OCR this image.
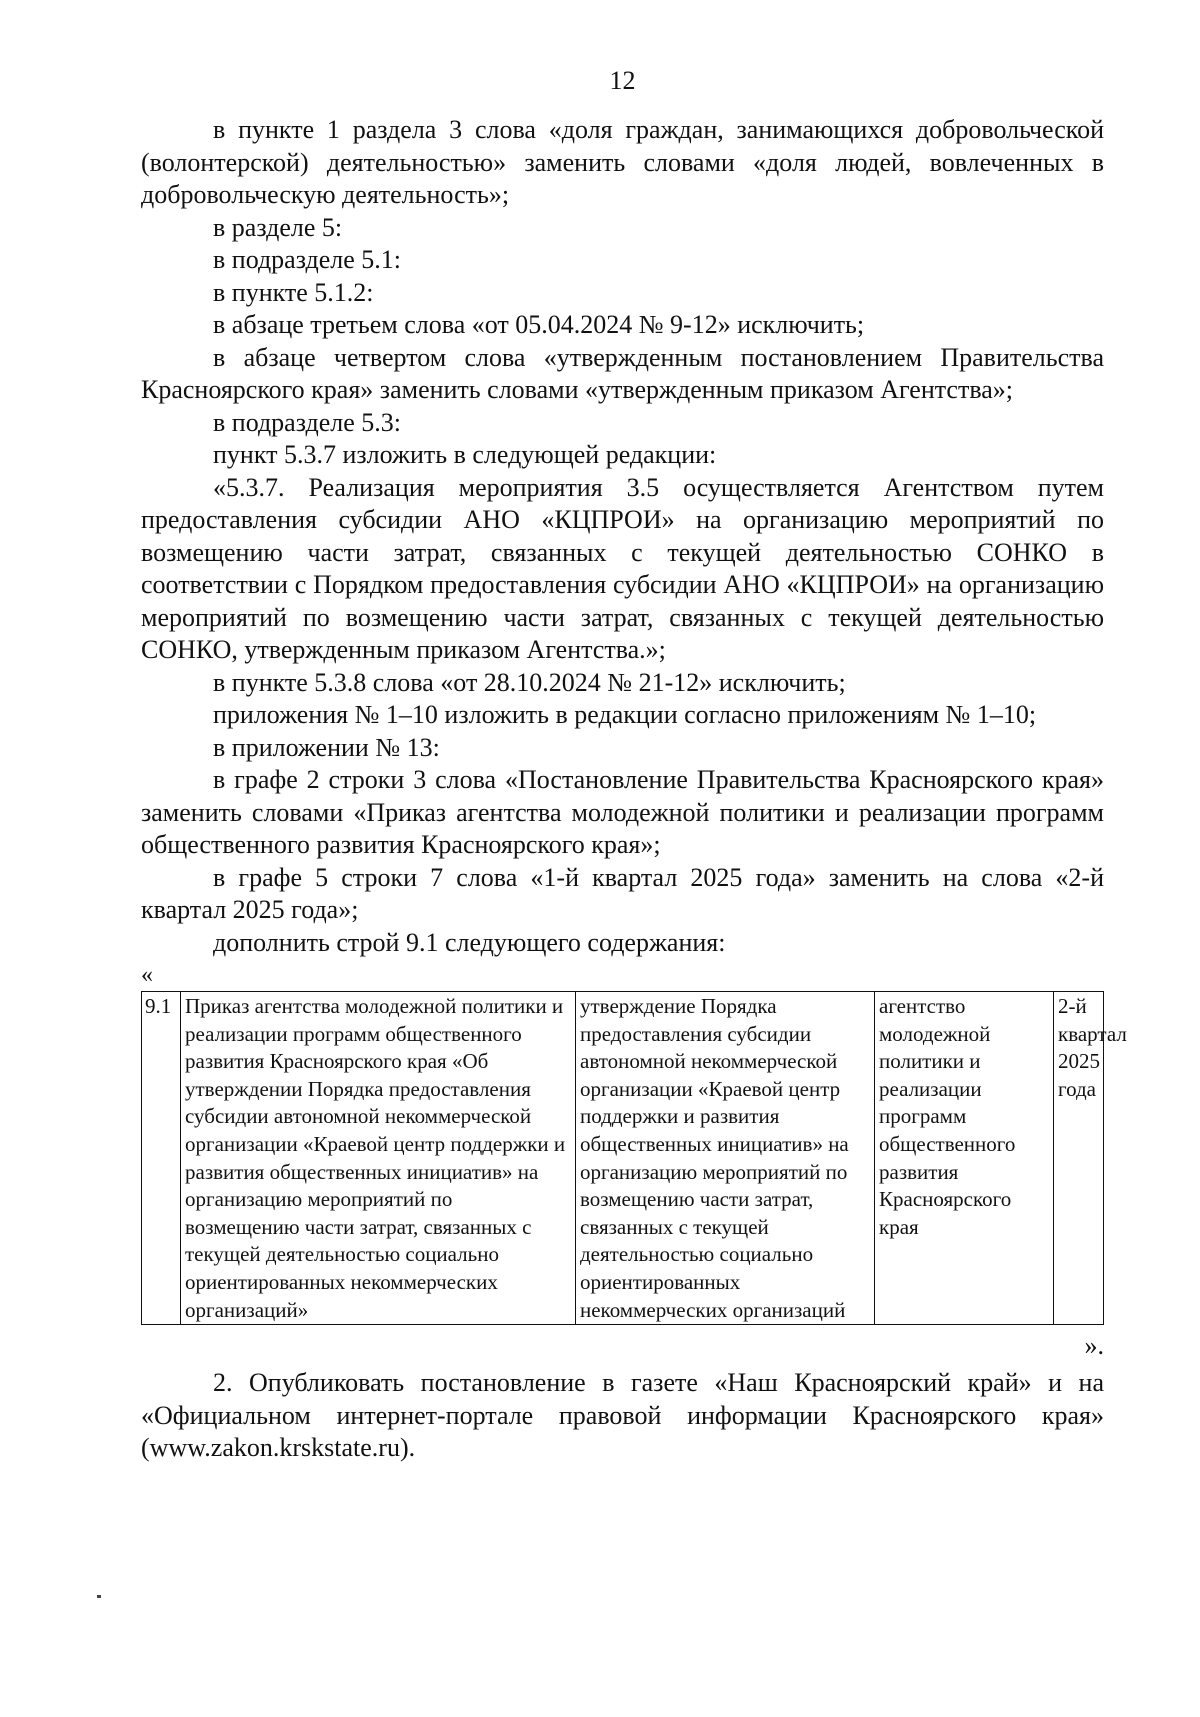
12

в пункте 1 раздела 3 слова «доля граждан, занимающихся добровольческой (волонтерской) деятельностью» заменить словами «доля людей, вовлеченных в добровольческую деятельность»;

в разделе 5:

в подразделе 5.1:

в пункте 5.1.2:

в абзаце третьем слова «от 05.04.2024 № 9-12» исключить;

в абзаце четвертом слова «утвержденным постановлением Правительства Красноярского края» заменить словами «утвержденным приказом Агентства»;

в подразделе 5.3:

пункт 5.3.7 изложить в следующей редакции:

«5.3.7. Реализация мероприятия 3.5 осуществляется Агентством путем предоставления субсидии АНО «КЦПРОИ» на организацию мероприятий по возмещению части затрат, связанных с текущей деятельностью СОНКО в соответствии с Порядком предоставления субсидии АНО «КЦПРОИ» на организацию мероприятий по возмещению части затрат, связанных с текущей деятельностью СОНКО, утвержденным приказом Агентства.»;

в пункте 5.3.8 слова «от 28.10.2024 № 21-12» исключить;

приложения № 1–10 изложить в редакции согласно приложениям № 1–10;

в приложении № 13:

в графе 2 строки 3 слова «Постановление Правительства Красноярского края» заменить словами «Приказ агентства молодежной политики и реализации программ общественного развития Красноярского края»;

в графе 5 строки 7 слова «1-й квартал 2025 года» заменить на слова «2-й квартал 2025 года»;

дополнить строй 9.1 следующего содержания:

«
9.1	Приказ агентства молодежной политики и реализации программ общественного развития Красноярского края «Об утверждении Порядка предоставления субсидии автономной некоммерческой организации «Краевой центр поддержки и развития общественных инициатив» на организацию мероприятий по возмещению части затрат, связанных с текущей деятельностью социально ориентированных некоммерческих организаций»	утверждение Порядка предоставления субсидии автономной некоммерческой организации «Краевой центр поддержки и развития общественных инициатив» на организацию мероприятий по возмещению части затрат, связанных с текущей деятельностью социально ориентированных некоммерческих организаций	агентство молодежной политики и реализации программ общественного развития Красноярского края	2-й квартал 2025 года
».

2. Опубликовать постановление в газете «Наш Красноярский край» и на «Официальном интернет-портале правовой информации Красноярского края» (www.zakon.krskstate.ru).
